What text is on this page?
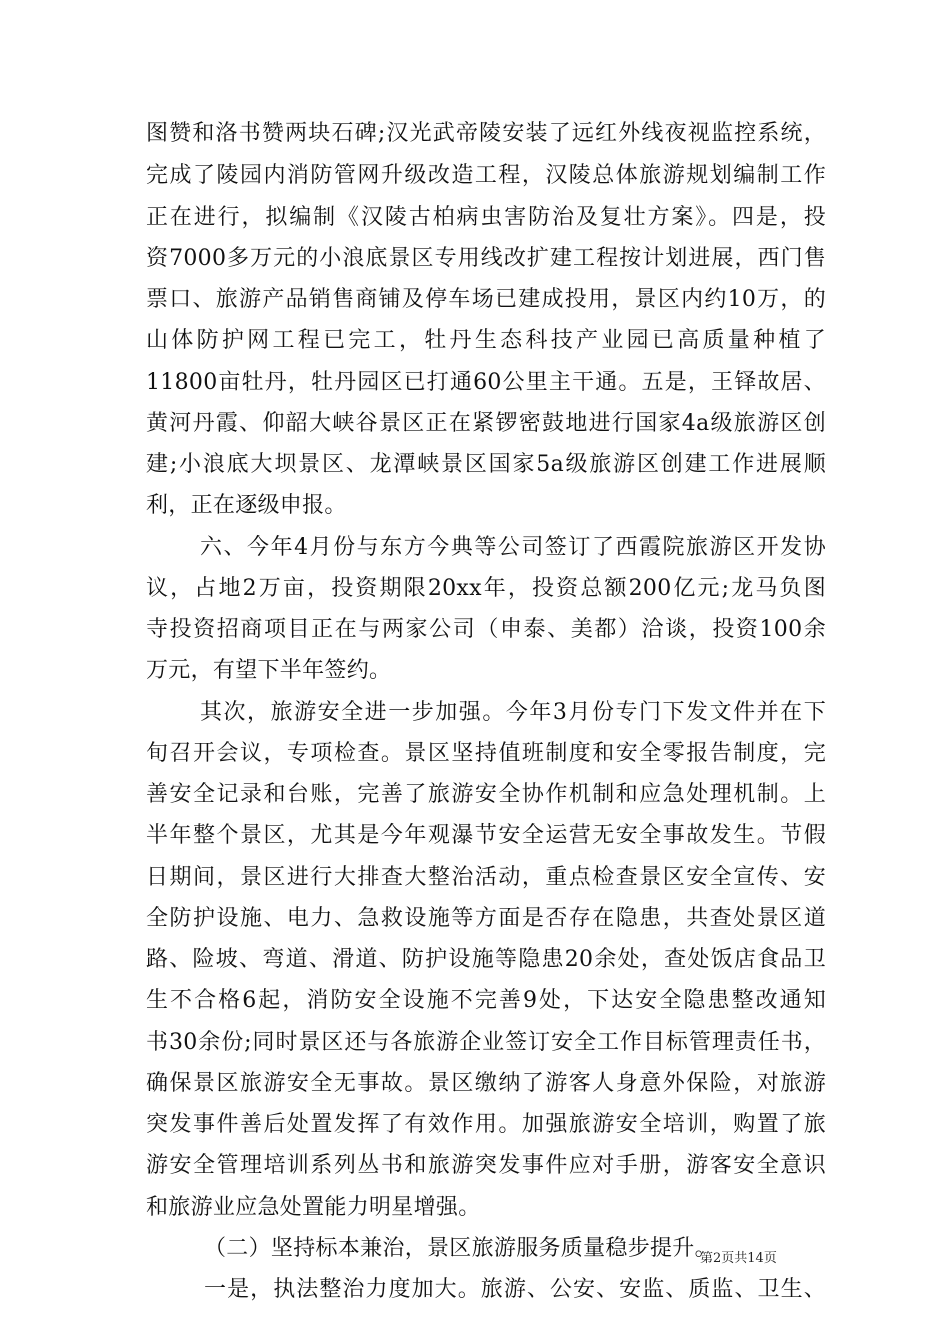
图赞和洛书赞两块石碑;汉光武帝陵安装了远红外线夜视监控系统，
完成了陵园内消防管网升级改造工程，汉陵总体旅游规划编制工作
正在进行，拟编制《汉陵古柏病虫害防治及复壮方案》。四是，投
资7000多万元的小浪底景区专用线改扩建工程按计划进展，西门售
票口、旅游产品销售商铺及停车场已建成投用，景区内约10万，的
山体防护网工程已完工，牡丹生态科技产业园已高质量种植了
11800亩牡丹，牡丹园区已打通60公里主干通。五是，王铎故居、
黄河丹霞、仰韶大峡谷景区正在紧锣密鼓地进行国家4a级旅游区创
建;小浪底大坝景区、龙潭峡景区国家5a级旅游区创建工作进展顺
利，正在逐级申报。
六、今年4月份与东方今典等公司签订了西霞院旅游区开发协
议，占地2万亩，投资期限20xx年，投资总额200亿元;龙马负图
寺投资招商项目正在与两家公司（申泰、美都）洽谈，投资100余
万元，有望下半年签约。
其次，旅游安全进一步加强。今年3月份专门下发文件并在下
旬召开会议，专项检查。景区坚持值班制度和安全零报告制度，完
善安全记录和台账，完善了旅游安全协作机制和应急处理机制。上
半年整个景区，尤其是今年观瀑节安全运营无安全事故发生。节假
日期间，景区进行大排查大整治活动，重点检查景区安全宣传、安
全防护设施、电力、急救设施等方面是否存在隐患，共查处景区道
路、险坡、弯道、滑道、防护设施等隐患20余处，查处饭店食品卫
生不合格6起，消防安全设施不完善9处，下达安全隐患整改通知
书30余份;同时景区还与各旅游企业签订安全工作目标管理责任书，
确保景区旅游安全无事故。景区缴纳了游客人身意外保险，对旅游
突发事件善后处置发挥了有效作用。加强旅游安全培训，购置了旅
游安全管理培训系列丛书和旅游突发事件应对手册，游客安全意识
和旅游业应急处置能力明星增强。
（二）坚持标本兼治，景区旅游服务质量稳步提升。
一是，执法整治力度加大。旅游、公安、安监、质监、卫生、
第2页共14页
